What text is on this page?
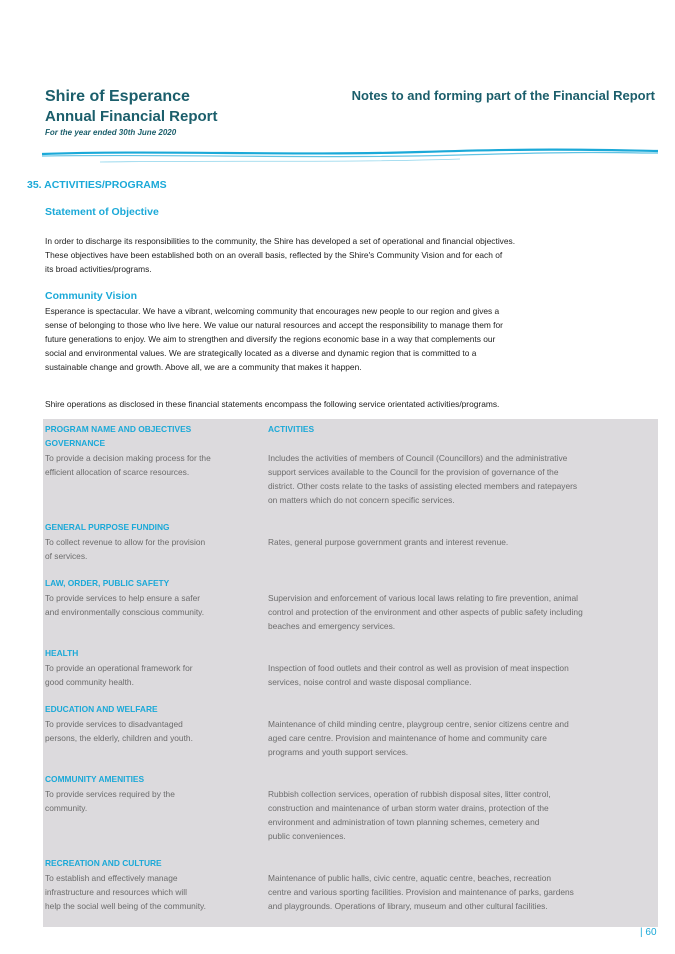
Shire of Esperance
Annual Financial Report
For the year ended 30th June 2020
Notes to and forming part of the Financial Report
35. ACTIVITIES/PROGRAMS
Statement of Objective
In order to discharge its responsibilities to the community, the Shire has developed a set of operational and financial objectives.
These objectives have been established both on an overall basis, reflected by the Shire's Community Vision and for each of
its broad activities/programs.
Community Vision
Esperance is spectacular. We have a vibrant, welcoming community that encourages new people to our region and gives a
sense of belonging to those who live here. We value our natural resources and accept the responsibility to manage them for
future generations to enjoy. We aim to strengthen and diversify the regions economic base in a way that complements our
social and environmental values. We are strategically located as a diverse and dynamic region that is committed to a
sustainable change and growth. Above all, we are a community that makes it happen.
Shire operations as disclosed in these financial statements encompass the following service orientated activities/programs.
PROGRAM NAME AND OBJECTIVES	ACTIVITIES
GOVERNANCE
To provide a decision making process for the
efficient allocation of scarce resources.
Includes the activities of members of Council (Councillors) and the administrative
support services available to the Council for the provision of governance of the
district. Other costs relate to the tasks of assisting elected members and ratepayers
on matters which do not concern specific services.
GENERAL PURPOSE FUNDING
To collect revenue to allow for the provision
of services.
Rates, general purpose government grants and interest revenue.
LAW, ORDER, PUBLIC SAFETY
To provide services to help ensure a safer
and environmentally conscious community.
Supervision and enforcement of various local laws relating to fire prevention, animal
control and protection of the environment and other aspects of public safety including
beaches and emergency services.
HEALTH
To provide an operational framework for
good community health.
Inspection of food outlets and their control as well as provision of meat inspection
services, noise control and waste disposal compliance.
EDUCATION AND WELFARE
To provide services to disadvantaged
persons, the elderly, children and youth.
Maintenance of child minding centre, playgroup centre, senior citizens centre and
aged care centre. Provision and maintenance of home and community care
programs and youth support services.
COMMUNITY AMENITIES
To provide services required by the
community.
Rubbish collection services, operation of rubbish disposal sites, litter control,
construction and maintenance of urban storm water drains, protection of the
environment and administration of town planning schemes, cemetery and
public conveniences.
RECREATION AND CULTURE
To establish and effectively manage
infrastructure and resources which will
help the social well being of the community.
Maintenance of public halls, civic centre, aquatic centre, beaches, recreation
centre and various sporting facilities. Provision and maintenance of parks, gardens
and playgrounds. Operations of library, museum and other cultural facilities.
| 60
